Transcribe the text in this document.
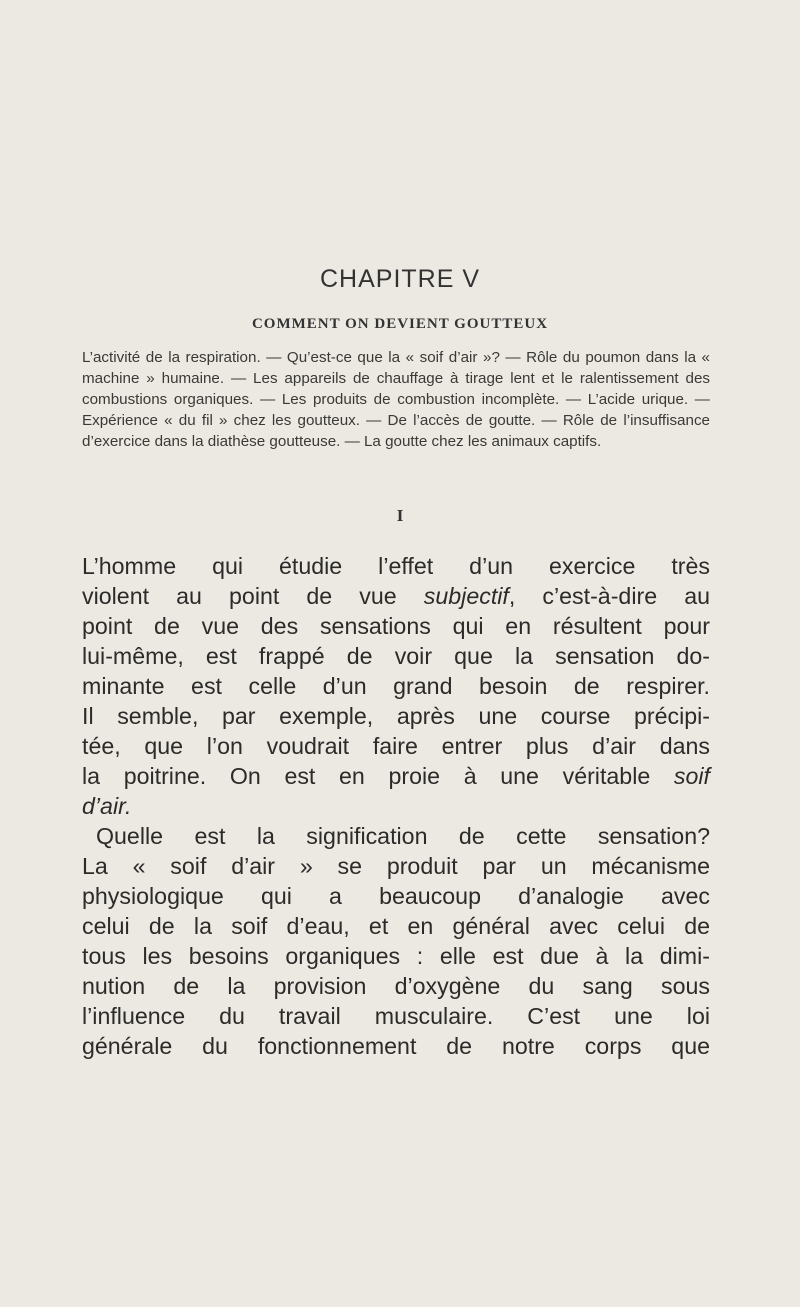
CHAPITRE V
COMMENT ON DEVIENT GOUTTEUX
L’activité de la respiration. — Qu’est-ce que la « soif d’air »? — Rôle du poumon dans la « machine » humaine. — Les appareils de chauffage à tirage lent et le ralentissement des combustions organiques. — Les produits de combustion incomplète. — L’acide urique. — Expérience « du fil » chez les goutteux. — De l’accès de goutte. — Rôle de l’insuffisance d’exercice dans la diathèse goutteuse. — La goutte chez les animaux captifs.
I

L’homme qui étudie l’effet d’un exercice très
violent au point de vue subjectif, c’est-à-dire au
point de vue des sensations qui en résultent pour
lui-même, est frappé de voir que la sensation do-
minante est celle d’un grand besoin de respirer.
Il semble, par exemple, après une course précipi-
tée, que l’on voudrait faire entrer plus d’air dans
la poitrine. On est en proie à une véritable soif
d’air.

Quelle est la signification de cette sensation?
La « soif d’air » se produit par un mécanisme
physiologique qui a beaucoup d’analogie avec
celui de la soif d’eau, et en général avec celui de
tous les besoins organiques : elle est due à la dimi-
nution de la provision d’oxygène du sang sous
l’influence du travail musculaire. C’est une loi
générale du fonctionnement de notre corps que
